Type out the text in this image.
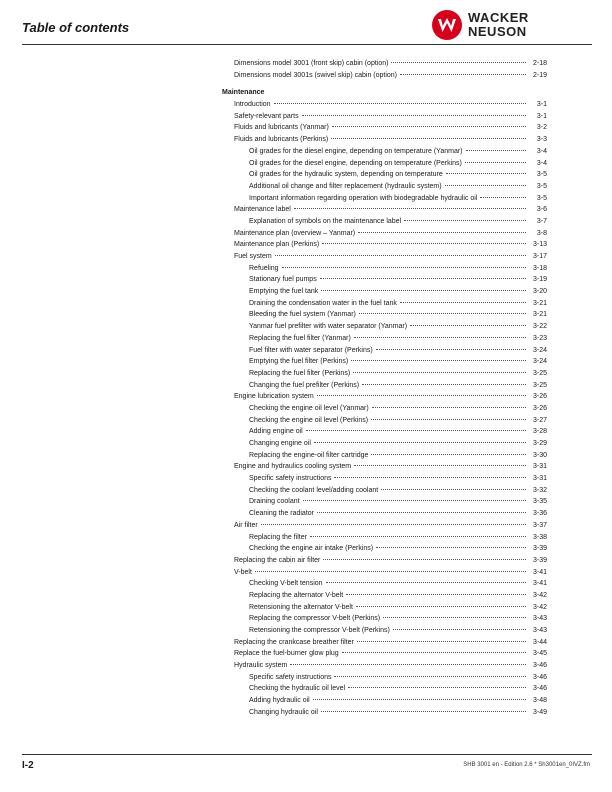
Table of contents
WACKER
NEUSON
Dimensions model 3001 (front skip) cabin (option)	2-18
Dimensions model 3001s (swivel skip) cabin (option)	2-19
Maintenance
Introduction	3-1
Safety-relevant parts	3-1
Fluids and lubricants (Yanmar)	3-2
Fluids and lubricants (Perkins)	3-3
Oil grades for the diesel engine, depending on temperature (Yanmar)	3-4
Oil grades for the diesel engine, depending on temperature (Perkins)	3-4
Oil grades for the hydraulic system, depending on temperature	3-5
Additional oil change and filter replacement (hydraulic system)	3-5
Important information regarding operation with biodegradable hydraulic oil	3-5
Maintenance label	3-6
Explanation of symbols on the maintenance label	3-7
Maintenance plan (overview – Yanmar)	3-8
Maintenance plan (Perkins)	3-13
Fuel system	3-17
Refueling	3-18
Stationary fuel pumps	3-19
Emptying the fuel tank	3-20
Draining the condensation water in the fuel tank	3-21
Bleeding the fuel system (Yanmar)	3-21
Yanmar fuel prefilter with water separator (Yanmar)	3-22
Replacing the fuel filter (Yanmar)	3-23
Fuel filter with water separator (Perkins)	3-24
Emptying the fuel filter (Perkins)	3-24
Replacing the fuel filter (Perkins)	3-25
Changing the fuel prefilter (Perkins)	3-25
Engine lubrication system	3-26
Checking the engine oil level (Yanmar)	3-26
Checking the engine oil level (Perkins)	3-27
Adding engine oil	3-28
Changing engine oil	3-29
Replacing the engine-oil filter cartridge	3-30
Engine and hydraulics cooling system	3-31
Specific safety instructions	3-31
Checking the coolant level/adding coolant	3-32
Draining coolant	3-35
Cleaning the radiator	3-36
Air filter	3-37
Replacing the filter	3-38
Checking the engine air intake (Perkins)	3-39
Replacing the cabin air filter	3-39
V-belt	3-41
Checking V-belt tension	3-41
Replacing the alternator V-belt	3-42
Retensioning the alternator V-belt	3-42
Replacing the compressor V-belt (Perkins)	3-43
Retensioning the compressor V-belt (Perkins)	3-43
Replacing the crankcase breather filter	3-44
Replace the fuel-burner glow plug	3-45
Hydraulic system	3-46
Specific safety instructions	3-46
Checking the hydraulic oil level	3-46
Adding hydraulic oil	3-48
Changing hydraulic oil	3-49
I-2	SHB 3001 en - Edition 2.6 * Sh3001en_0IVZ.fm
